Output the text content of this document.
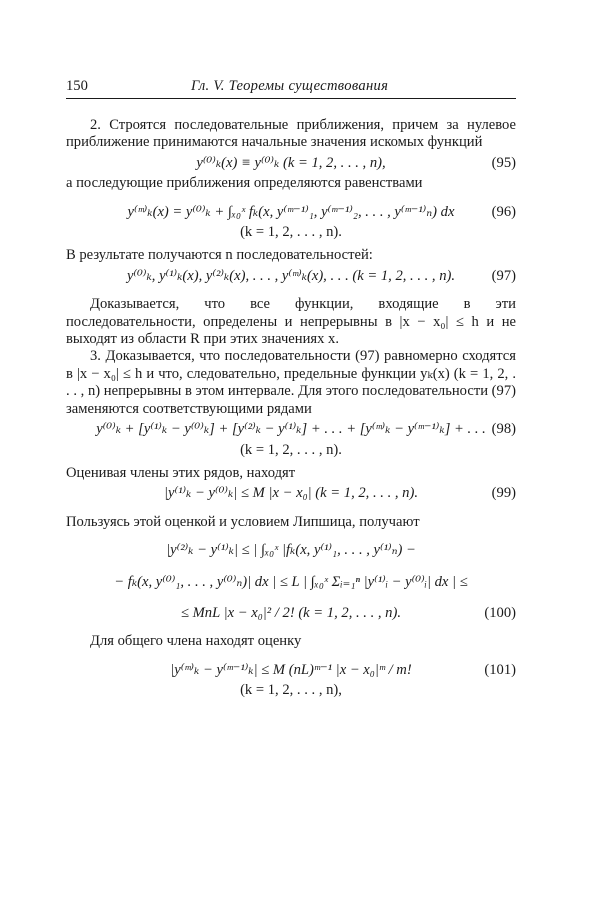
150	Гл. V. Теоремы существования

2. Строятся последовательные приближения, причем за нулевое приближение принимаются начальные значения искомых функций

y⁽⁰⁾ₖ(x) ≡ y⁽⁰⁾ₖ (k = 1, 2, . . . , n),	(95)

а последующие приближения определяются равенствами

y⁽ᵐ⁾ₖ(x) = y⁽⁰⁾ₖ + ∫ₓ₀ˣ fₖ(x, y⁽ᵐ⁻¹⁾₁, y⁽ᵐ⁻¹⁾₂, . . . , y⁽ᵐ⁻¹⁾ₙ) dx	(96)
(k = 1, 2, . . . , n).

В результате получаются n последовательностей:

y⁽⁰⁾ₖ, y⁽¹⁾ₖ(x), y⁽²⁾ₖ(x), . . . , y⁽ᵐ⁾ₖ(x), . . . (k = 1, 2, . . . , n).	(97)

Доказывается, что все функции, входящие в эти последовательности, определены и непрерывны в |x − x₀| ≤ h и не выходят из области R при этих значениях x.

3. Доказывается, что последовательности (97) равномерно сходятся в |x − x₀| ≤ h и что, следовательно, предельные функции yₖ(x) (k = 1, 2, . . . , n) непрерывны в этом интервале. Для этого последовательности (97) заменяются соответствующими рядами

y⁽⁰⁾ₖ + [y⁽¹⁾ₖ − y⁽⁰⁾ₖ] + [y⁽²⁾ₖ − y⁽¹⁾ₖ] + . . . + [y⁽ᵐ⁾ₖ − y⁽ᵐ⁻¹⁾ₖ] + . . . (98)
(k = 1, 2, . . . , n).

Оценивая члены этих рядов, находят

|y⁽¹⁾ₖ − y⁽⁰⁾ₖ| ≤ M |x − x₀| (k = 1, 2, . . . , n).	(99)

Пользуясь этой оценкой и условием Липшица, получают

|y⁽²⁾ₖ − y⁽¹⁾ₖ| ≤ | ∫ₓ₀ˣ |fₖ(x, y⁽¹⁾₁, . . . , y⁽¹⁾ₙ) −
− fₖ(x, y⁽⁰⁾₁, . . . , y⁽⁰⁾ₙ)| dx | ≤ L | ∫ₓ₀ˣ Σᵢ₌₁ⁿ |y⁽¹⁾ᵢ − y⁽⁰⁾ᵢ| dx | ≤
≤ MnL |x − x₀|² / 2! (k = 1, 2, . . . , n).	(100)

Для общего члена находят оценку

|y⁽ᵐ⁾ₖ − y⁽ᵐ⁻¹⁾ₖ| ≤ M (nL)ᵐ⁻¹ |x − x₀|ᵐ / m!	(101)
(k = 1, 2, . . . , n),
